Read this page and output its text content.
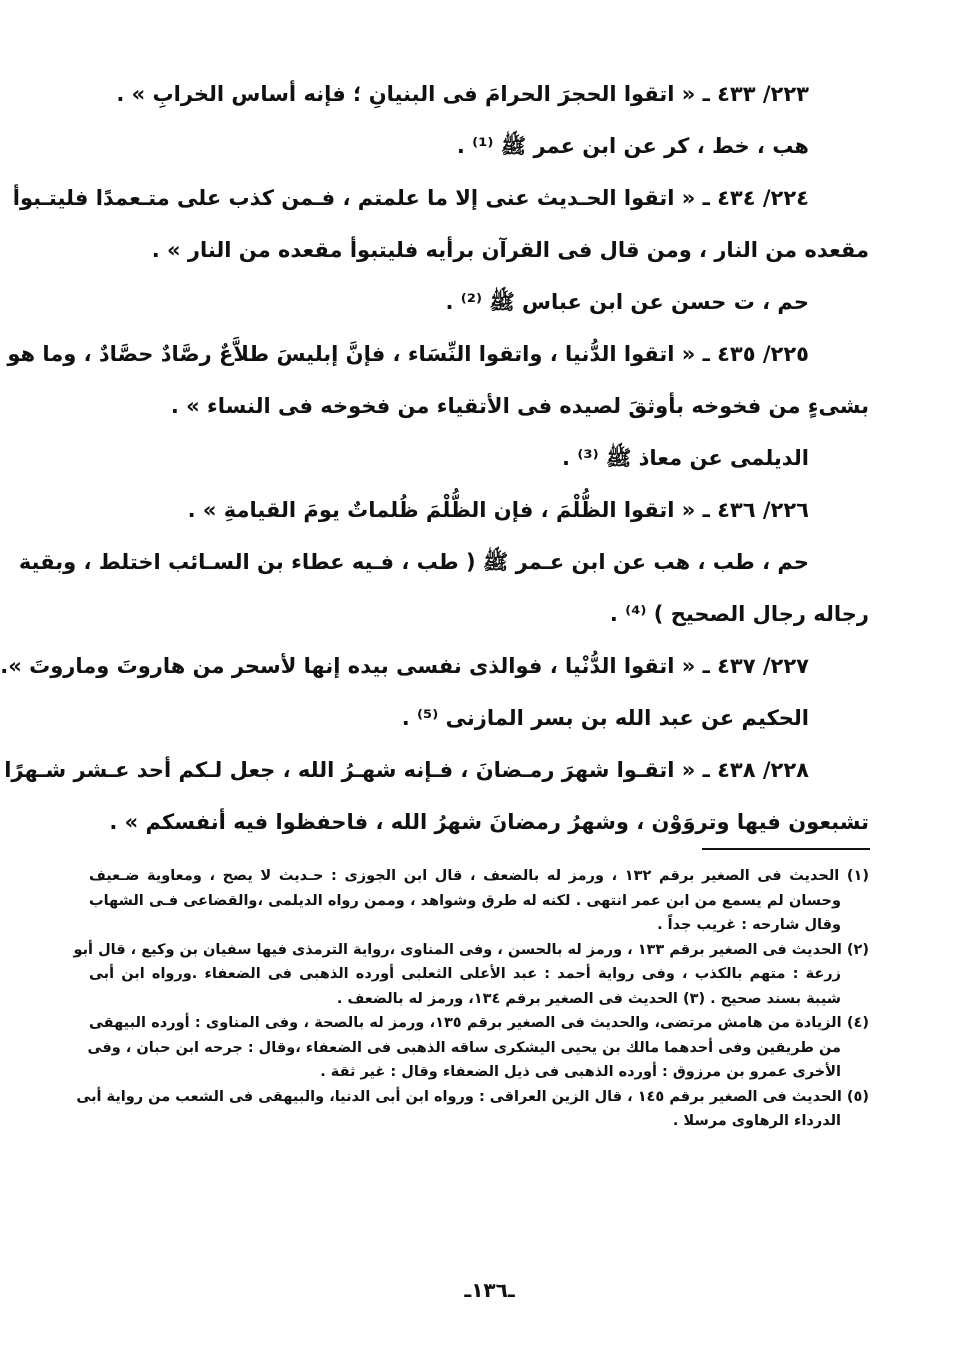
٢٢٣/ ٤٣٣ ـ « اتقوا الحجرَ الحرامَ فى البنيانِ ؛ فإنه أساس الخرابِ » .
هب ، خط ، كر عن ابن عمر ﷺ ⁽¹⁾ .
٢٢٤/ ٤٣٤ ـ « اتقوا الحـديث عنى إلا ما علمتم ، فـمن كذب على متـعمدًا فليتـبوأ
مقعده من النار ، ومن قال فى القرآن برأيه فليتبوأ مقعده من النار » .
حم ، ت حسن عن ابن عباس ﷺ ⁽²⁾ .
٢٢٥/ ٤٣٥ ـ « اتقوا الدُّنيا ، واتقوا النِّسَاء ، فإنَّ إبليسَ طلاَّعٌ رصَّادٌ حصَّادٌ ، وما هو
بشىءٍ من فخوخه بأوثقَ لصيده فى الأتقياء من فخوخه فى النساء » .
الديلمى عن معاذ ﷺ ⁽³⁾ .
٢٢٦/ ٤٣٦ ـ « اتقوا الظُّلْمَ ، فإن الظُّلْمَ ظُلماتٌ يومَ القيامةِ » .
حم ، طب ، هب عن ابن عـمر ﷺ ( طب ، فـيه عطاء بن السـائب اختلط ، وبقية
رجاله رجال الصحيح ) ⁽⁴⁾ .
٢٢٧/ ٤٣٧ ـ « اتقوا الدُّنْيا ، فوالذى نفسى بيده إنها لأسحر من هاروتَ وماروتَ ».
الحكيم عن عبد الله بن بسر المازنى ⁽⁵⁾ .
٢٢٨/ ٤٣٨ ـ « اتقـوا شهرَ رمـضانَ ، فـإنه شهـرُ الله ، جعل لـكم أحد عـشر شـهرًا
تشبعون فيها وتروَوْن ، وشهرُ رمضانَ شهرُ الله ، فاحفظوا فيه أنفسكم » .
(١) الحديث فى الصغير برقم ١٣٢ ، ورمز له بالضعف ، قال ابن الجوزى : حـديث لا يصح ، ومعاوية ضـعيف
وحسان لم يسمع من ابن عمر انتهى . لكنه له طرق وشواهد ، وممن رواه الديلمى ،والقضاعى فـى الشهاب
وقال شارحه : غريب جداً .
(٢) الحديث فى الصغير برقم ١٣٣ ، ورمز له بالحسن ، وفى المناوى ،رواية الترمذى فيها سفيان بن وكيع ، قال أبو
زرعة : متهم بالكذب ، وفى رواية أحمد : عبد الأعلى الثعلبى أورده الذهبى فى الضعفاء .ورواه ابن أبى
شيبة بسند صحيح . (٣) الحديث فى الصغير برقم ١٣٤، ورمز له بالضعف .
(٤) الزيادة من هامش مرتضى، والحديث فى الصغير برقم ١٣٥، ورمز له بالصحة ، وفى المناوى : أورده البيهقى
من طريقين وفى أحدهما مالك بن يحيى اليشكرى ساقه الذهبى فى الضعفاء ،وقال : جرحه ابن حبان ، وفى
الأخرى عمرو بن مرزوق : أورده الذهبى فى ذيل الضعفاء وقال : غير ثقة .
(٥) الحديث فى الصغير برقم ١٤٥ ، قال الزين العراقى : ورواه ابن أبى الدنيا، والبيهقى فى الشعب من رواية أبى
الدرداء الرهاوى مرسلا .
ـ١٣٦ـ
